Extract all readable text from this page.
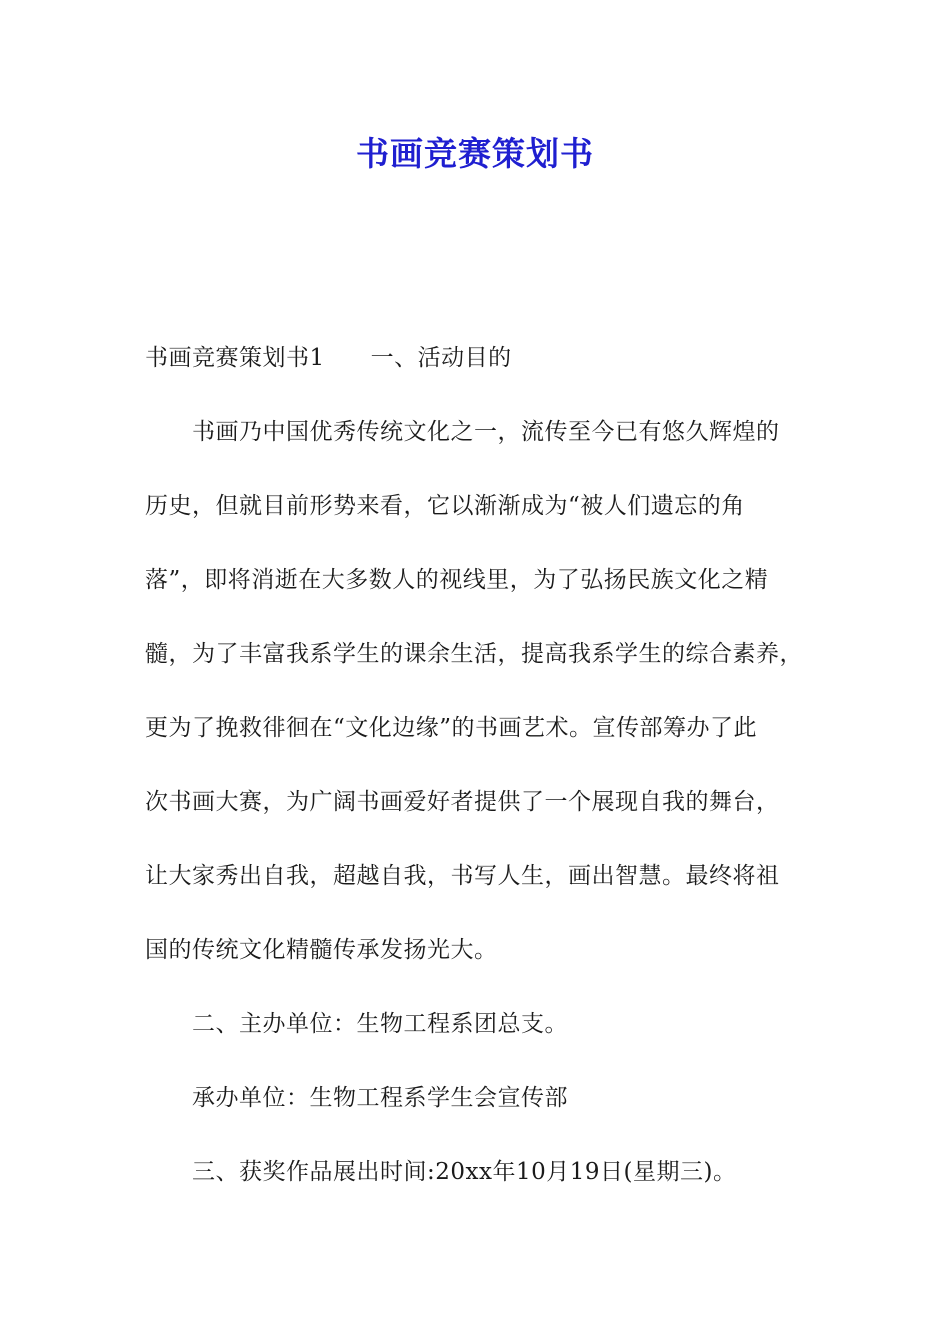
书画竞赛策划书
书画竞赛策划书1 一、活动目的
书画乃中国优秀传统文化之一，流传至今已有悠久辉煌的
历史，但就目前形势来看，它以渐渐成为“被人们遗忘的角
落”，即将消逝在大多数人的视线里，为了弘扬民族文化之精
髓，为了丰富我系学生的课余生活，提高我系学生的综合素养，
更为了挽救徘徊在“文化边缘”的书画艺术。宣传部筹办了此
次书画大赛，为广阔书画爱好者提供了一个展现自我的舞台，
让大家秀出自我，超越自我，书写人生，画出智慧。最终将祖
国的传统文化精髓传承发扬光大。
二、主办单位：生物工程系团总支。
承办单位：生物工程系学生会宣传部
三、获奖作品展出时间:20xx年10月19日(星期三)。
